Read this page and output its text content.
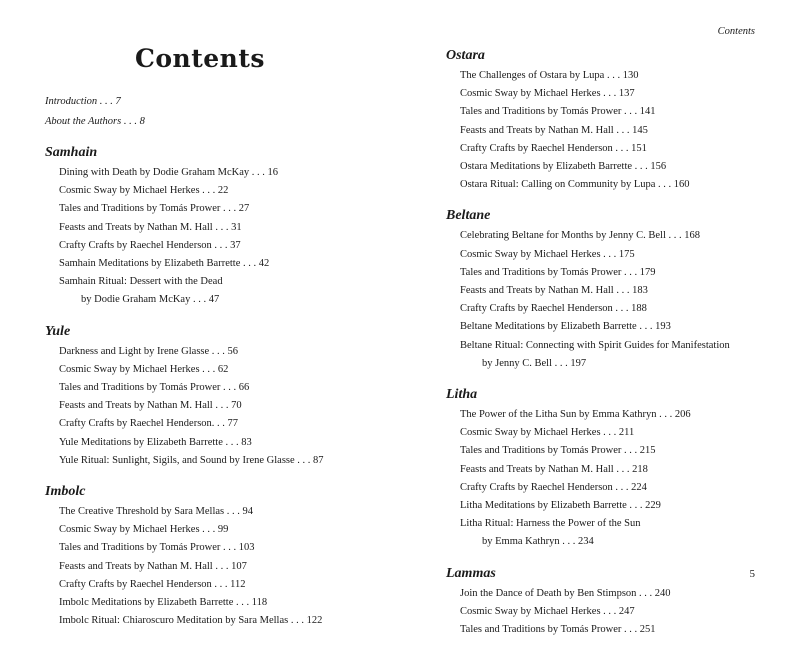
Contents

Introduction . . . 7

About the Authors . . . 8

Samhain
Dining with Death by Dodie Graham McKay . . . 16
Cosmic Sway by Michael Herkes . . . 22
Tales and Traditions by Tomás Prower . . . 27
Feasts and Treats by Nathan M. Hall . . . 31
Crafty Crafts by Raechel Henderson . . . 37
Samhain Meditations by Elizabeth Barrette . . . 42
Samhain Ritual: Dessert with the Dead
by Dodie Graham McKay . . . 47
Yule
Darkness and Light by Irene Glasse . . . 56
Cosmic Sway by Michael Herkes . . . 62
Tales and Traditions by Tomás Prower . . . 66
Feasts and Treats by Nathan M. Hall . . . 70
Crafty Crafts by Raechel Henderson. . . 77
Yule Meditations by Elizabeth Barrette . . . 83
Yule Ritual: Sunlight, Sigils, and Sound by Irene Glasse . . . 87
Imbolc
The Creative Threshold by Sara Mellas . . . 94
Cosmic Sway by Michael Herkes . . . 99
Tales and Traditions by Tomás Prower . . . 103
Feasts and Treats by Nathan M. Hall . . . 107
Crafty Crafts by Raechel Henderson . . . 112
Imbolc Meditations by Elizabeth Barrette . . . 118
Imbolc Ritual: Chiaroscuro Meditation by Sara Mellas . . . 122
Contents
Ostara
The Challenges of Ostara by Lupa . . . 130
Cosmic Sway by Michael Herkes . . . 137
Tales and Traditions by Tomás Prower . . . 141
Feasts and Treats by Nathan M. Hall . . . 145
Crafty Crafts by Raechel Henderson . . . 151
Ostara Meditations by Elizabeth Barrette . . . 156
Ostara Ritual: Calling on Community by Lupa . . . 160
Beltane
Celebrating Beltane for Months by Jenny C. Bell . . . 168
Cosmic Sway by Michael Herkes . . . 175
Tales and Traditions by Tomás Prower . . . 179
Feasts and Treats by Nathan M. Hall . . . 183
Crafty Crafts by Raechel Henderson . . . 188
Beltane Meditations by Elizabeth Barrette . . . 193
Beltane Ritual: Connecting with Spirit Guides for Manifestation
by Jenny C. Bell . . . 197
Litha
The Power of the Litha Sun by Emma Kathryn . . . 206
Cosmic Sway by Michael Herkes . . . 211
Tales and Traditions by Tomás Prower . . . 215
Feasts and Treats by Nathan M. Hall . . . 218
Crafty Crafts by Raechel Henderson . . . 224
Litha Meditations by Elizabeth Barrette . . . 229
Litha Ritual: Harness the Power of the Sun
by Emma Kathryn . . . 234
Lammas
Join the Dance of Death by Ben Stimpson . . . 240
Cosmic Sway by Michael Herkes . . . 247
Tales and Traditions by Tomás Prower . . . 251
5
